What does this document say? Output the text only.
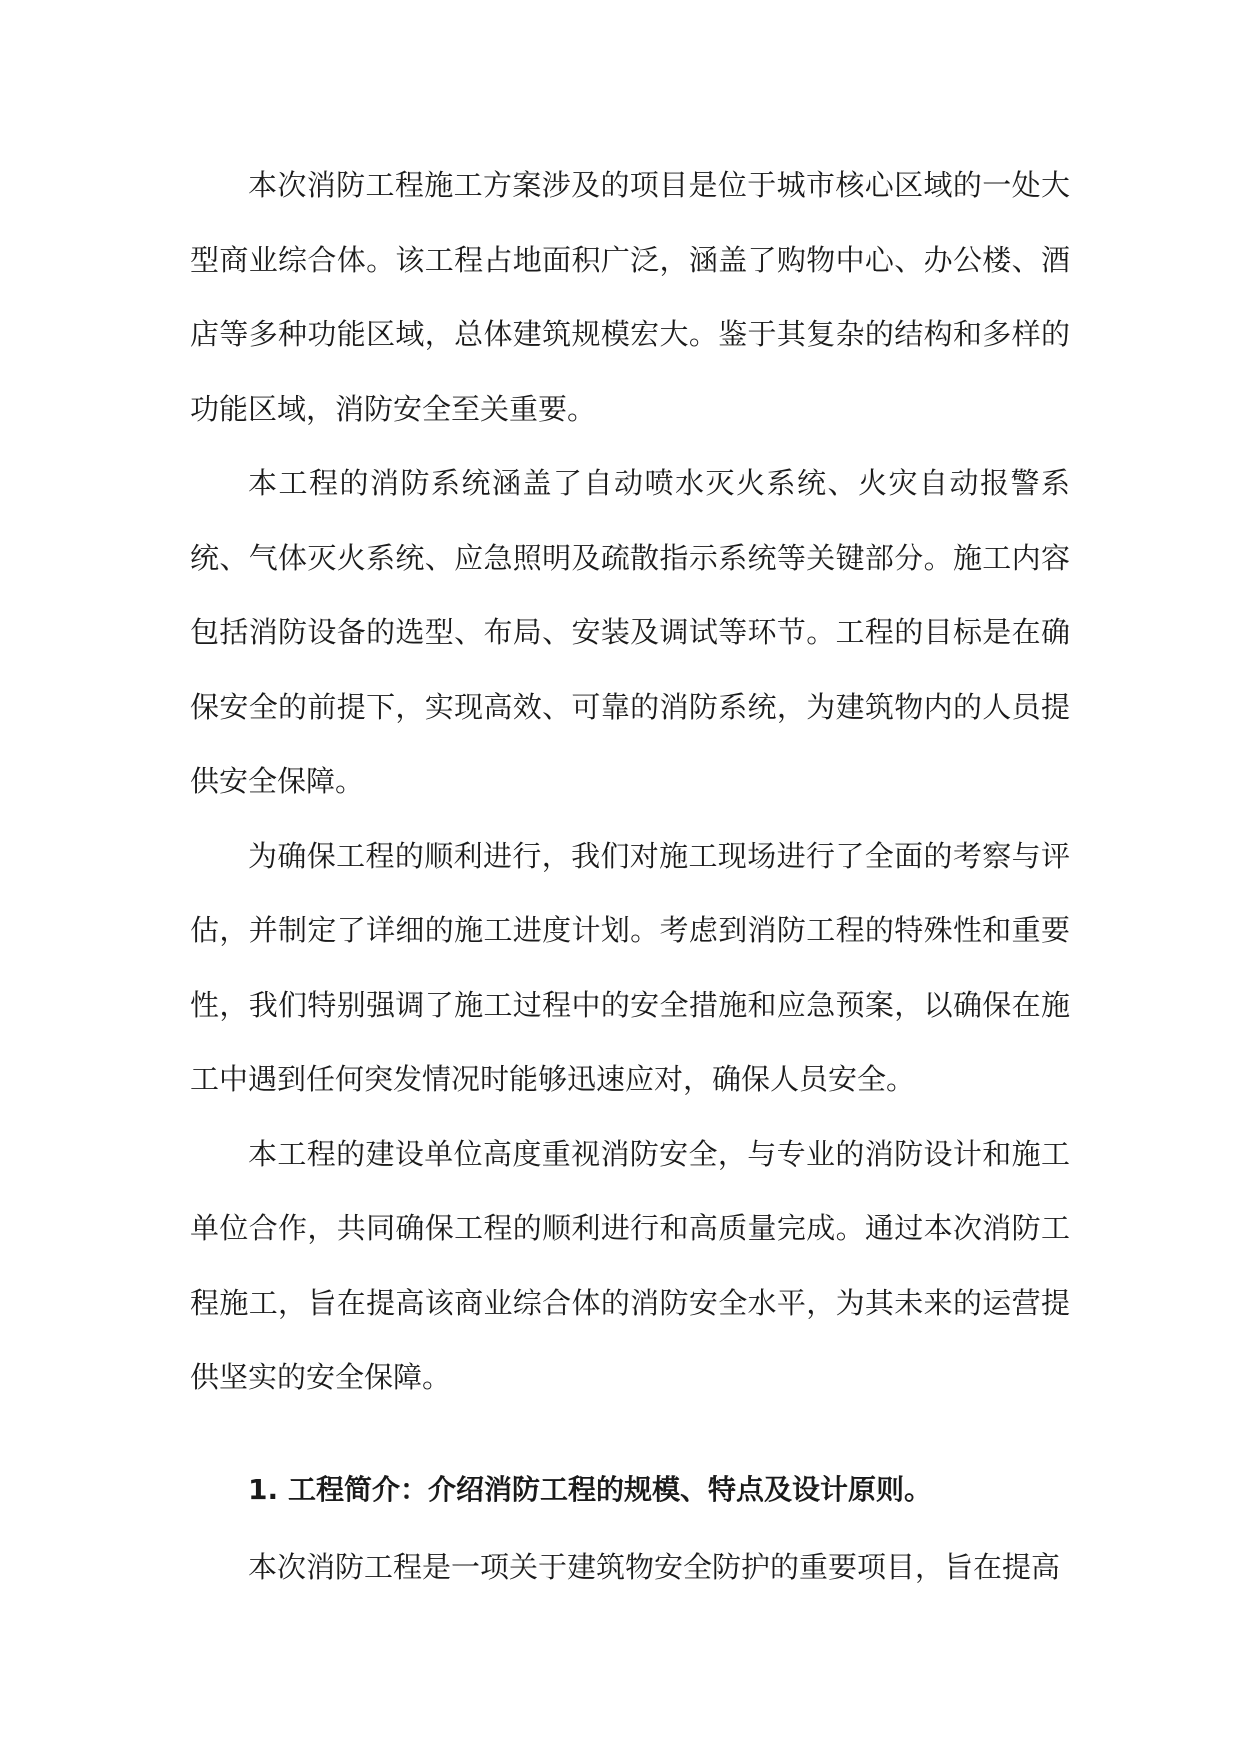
本次消防工程施工方案涉及的项目是位于城市核心区域的一处大型商业综合体。该工程占地面积广泛，涵盖了购物中心、办公楼、酒店等多种功能区域，总体建筑规模宏大。鉴于其复杂的结构和多样的功能区域，消防安全至关重要。

本工程的消防系统涵盖了自动喷水灭火系统、火灾自动报警系统、气体灭火系统、应急照明及疏散指示系统等关键部分。施工内容包括消防设备的选型、布局、安装及调试等环节。工程的目标是在确保安全的前提下，实现高效、可靠的消防系统，为建筑物内的人员提供安全保障。

为确保工程的顺利进行，我们对施工现场进行了全面的考察与评估，并制定了详细的施工进度计划。考虑到消防工程的特殊性和重要性，我们特别强调了施工过程中的安全措施和应急预案，以确保在施工中遇到任何突发情况时能够迅速应对，确保人员安全。

本工程的建设单位高度重视消防安全，与专业的消防设计和施工单位合作，共同确保工程的顺利进行和高质量完成。通过本次消防工程施工，旨在提高该商业综合体的消防安全水平，为其未来的运营提供坚实的安全保障。

1. 工程简介：介绍消防工程的规模、特点及设计原则。

本次消防工程是一项关于建筑物安全防护的重要项目，旨在提高
